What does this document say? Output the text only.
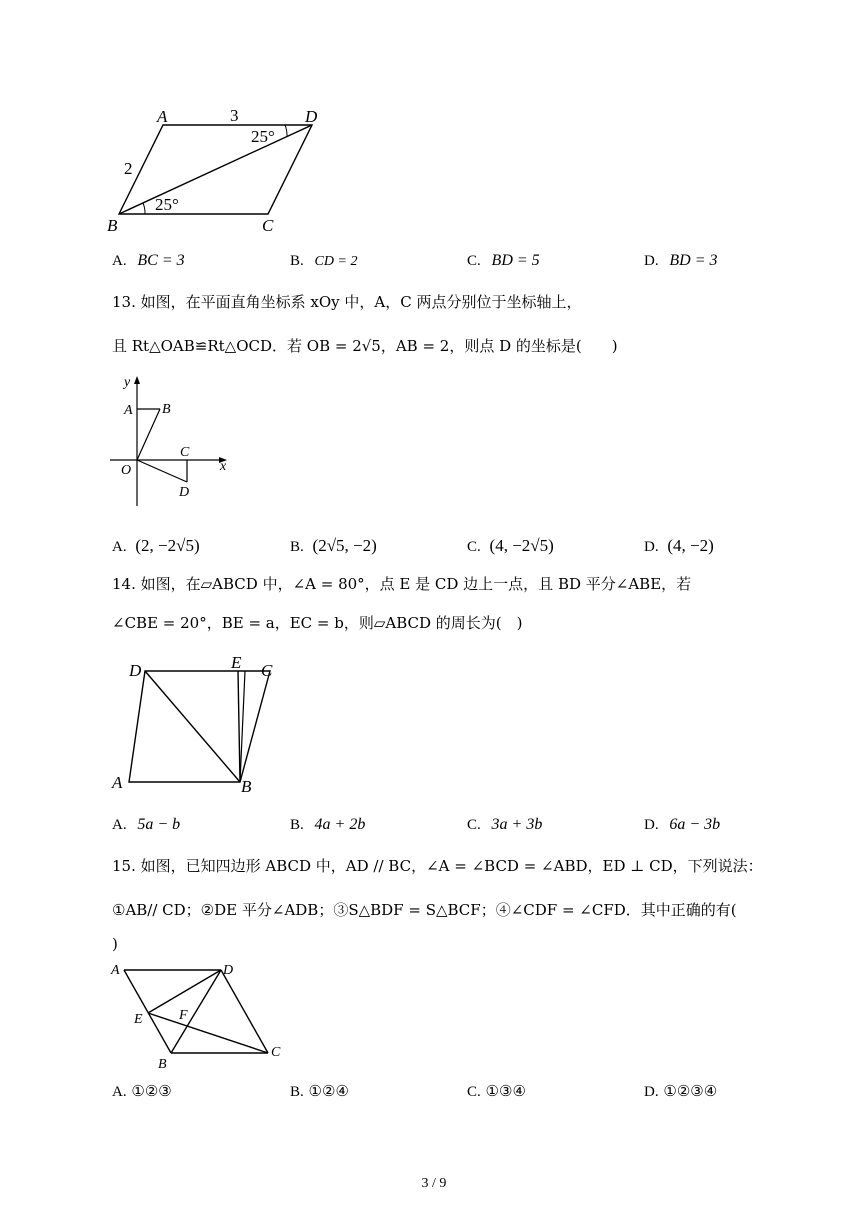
A
B	C
D
3
2
25°
25°
A. BC = 3	B. CD = 2	C. BD = 5	D. BD = 3
13. 如图，在平面直角坐标系 xOy 中，A，C 两点分别位于坐标轴上，
且 Rt△OAB≌Rt△OCD．若 OB = 2√5，AB = 2，则点 D 的坐标是(　　)
y
A B
O
C
x
D
A. (2, −2√5)	B. (2√5, −2)	C. (4, −2√5)	D. (4, −2)
14. 如图，在▱ABCD 中，∠A = 80°，点 E 是 CD 边上一点，且 BD 平分∠ABE，若
∠CBE = 20°，BE = a，EC = b，则▱ABCD 的周长为(　)
D	E C
A	B
A. 5a − b	B. 4a + 2b	C. 3a + 3b	D. 6a − 3b
15. 如图，已知四边形 ABCD 中，AD // BC，∠A = ∠BCD = ∠ABD，ED ⊥ CD，下列说法：
①AB// CD；②DE 平分∠ADB；③S△BDF = S△BCF；④∠CDF = ∠CFD．其中正确的有(
)
A	D
E	F
B
C
A. ①②③	B. ①②④	C. ①③④	D. ①②③④
3 / 9
